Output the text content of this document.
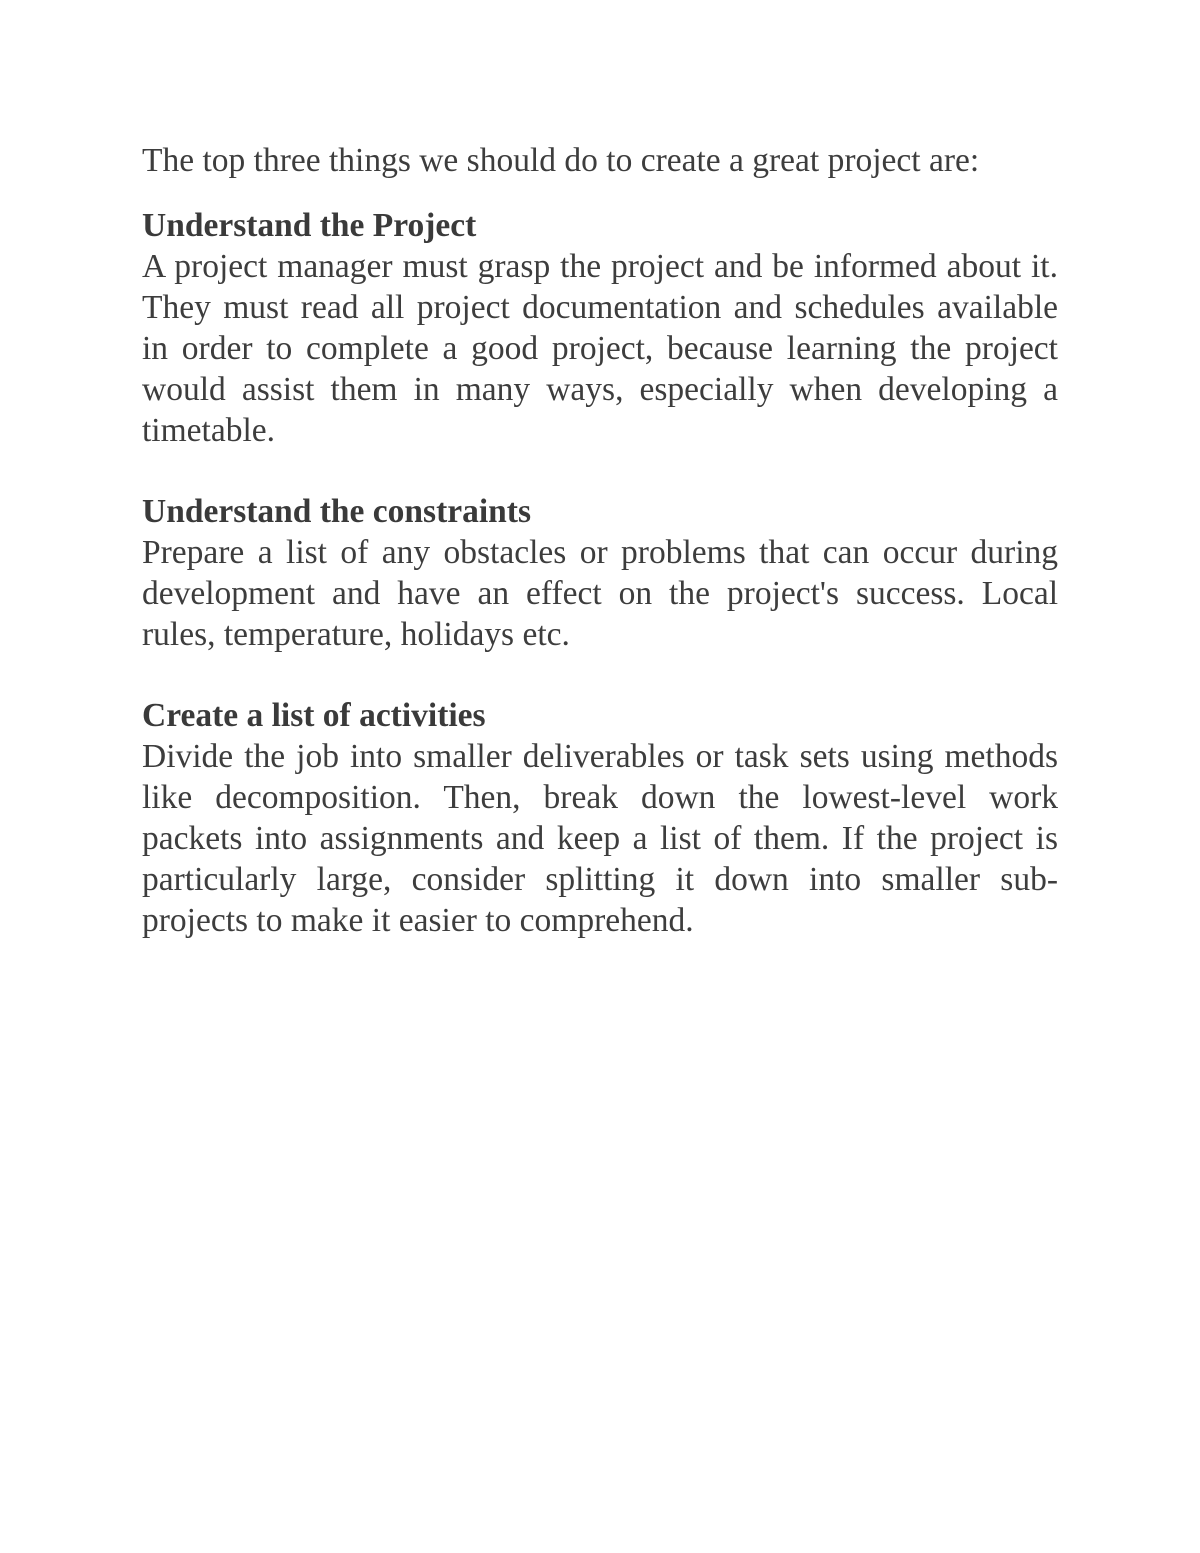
The top three things we should do to create a great project are:

Understand the Project

A project manager must grasp the project and be informed about it. They must read all project documentation and schedules available in order to complete a good project, because learning the project would assist them in many ways, especially when developing a timetable.

Understand the constraints

Prepare a list of any obstacles or problems that can occur during development and have an effect on the project's success. Local rules, temperature, holidays etc.

Create a list of activities

Divide the job into smaller deliverables or task sets using methods like decomposition. Then, break down the lowest-level work packets into assignments and keep a list of them. If the project is particularly large, consider splitting it down into smaller sub-projects to make it easier to comprehend.
